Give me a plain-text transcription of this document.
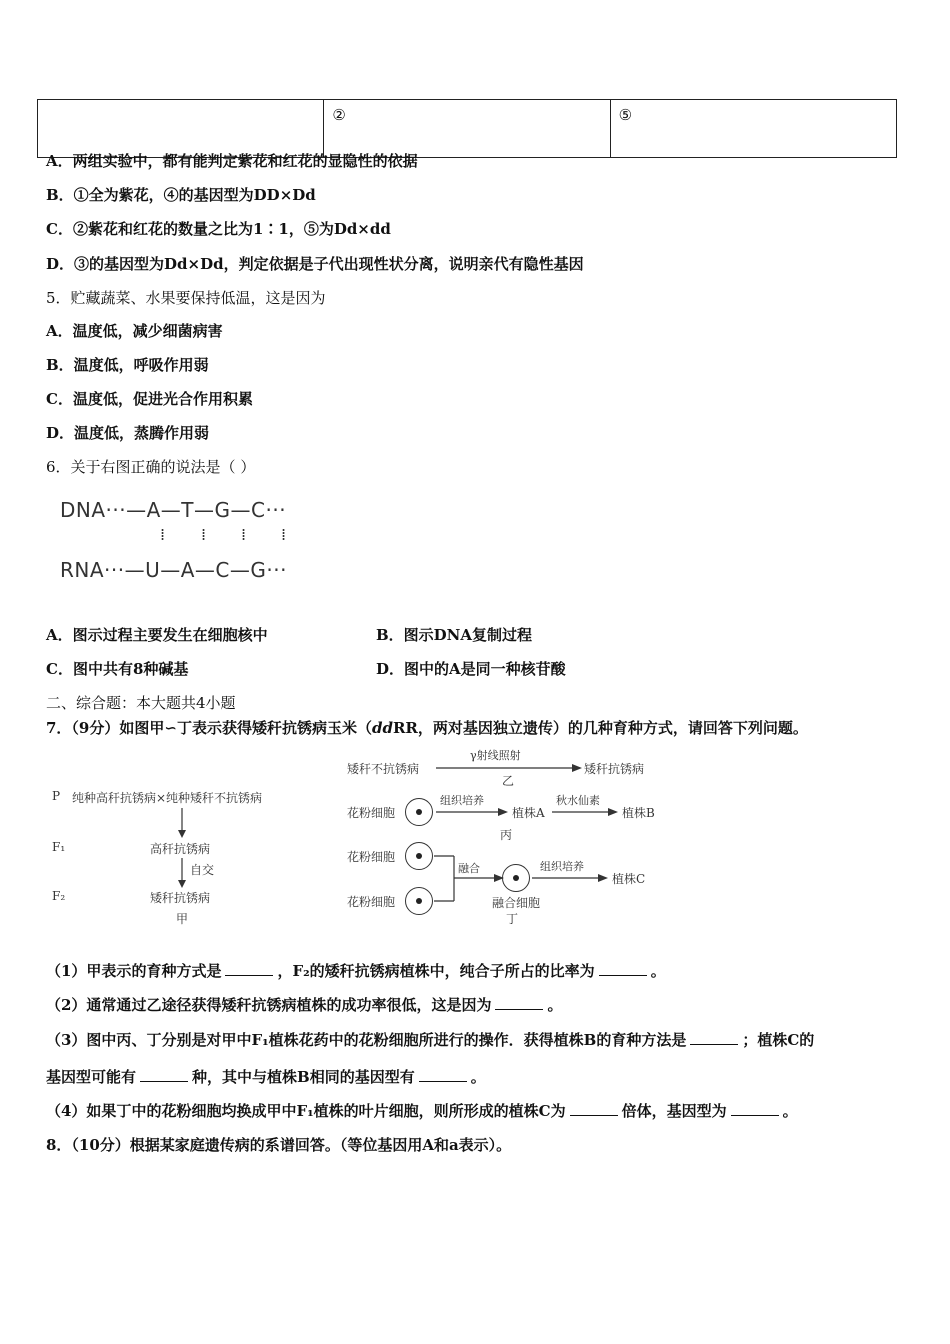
	②	⑤
A．两组实验中，都有能判定紫花和红花的显隐性的依据
B．①全为紫花，④的基因型为DD×Dd
C．②紫花和红花的数量之比为1∶1，⑤为Dd×dd
D．③的基因型为Dd×Dd，判定依据是子代出现性状分离，说明亲代有隐性基因
5．贮藏蔬菜、水果要保持低温，这是因为
A．温度低，减少细菌病害
B．温度低，呼吸作用弱
C．温度低，促进光合作用积累
D．温度低，蒸腾作用弱
6．关于右图正确的说法是（ ）
DNA···—A—T—G—C···
⁞ ⁞ ⁞ ⁞
RNA···—U—A—C—G···
A．图示过程主要发生在细胞核中	B．图示DNA复制过程
C．图中共有8种碱基	D．图中的A是同一种核苷酸
二、综合题：本大题共4小题
7．（9分）如图甲∽丁表示获得矮秆抗锈病玉米（ddRR，两对基因独立遗传）的几种育种方式，请回答下列问题。
P 纯种高秆抗锈病×纯种矮秆不抗锈病
F₁	高秆抗锈病
自交
F₂	矮秆抗锈病
甲
矮秆不抗锈病
γ射线照射
乙
矮秆抗锈病
花粉细胞
组织培养
植株A
秋水仙素
植株B
丙
花粉细胞
花粉细胞
融合	组织培养
植株C
融合细胞
丁
（1）甲表示的育种方式是	，F₂的矮秆抗锈病植株中，纯合子所占的比率为	。
（2）通常通过乙途径获得矮秆抗锈病植株的成功率很低，这是因为	。
（3）图中丙、丁分别是对甲中F₁植株花药中的花粉细胞所进行的操作．获得植株B的育种方法是	；植株C的
基因型可能有	种，其中与植株B相同的基因型有	。
（4）如果丁中的花粉细胞均换成甲中F₁植株的叶片细胞，则所形成的植株C为	倍体，基因型为	。
8．（10分）根据某家庭遗传病的系谱回答。（等位基因用A和a表示）。
